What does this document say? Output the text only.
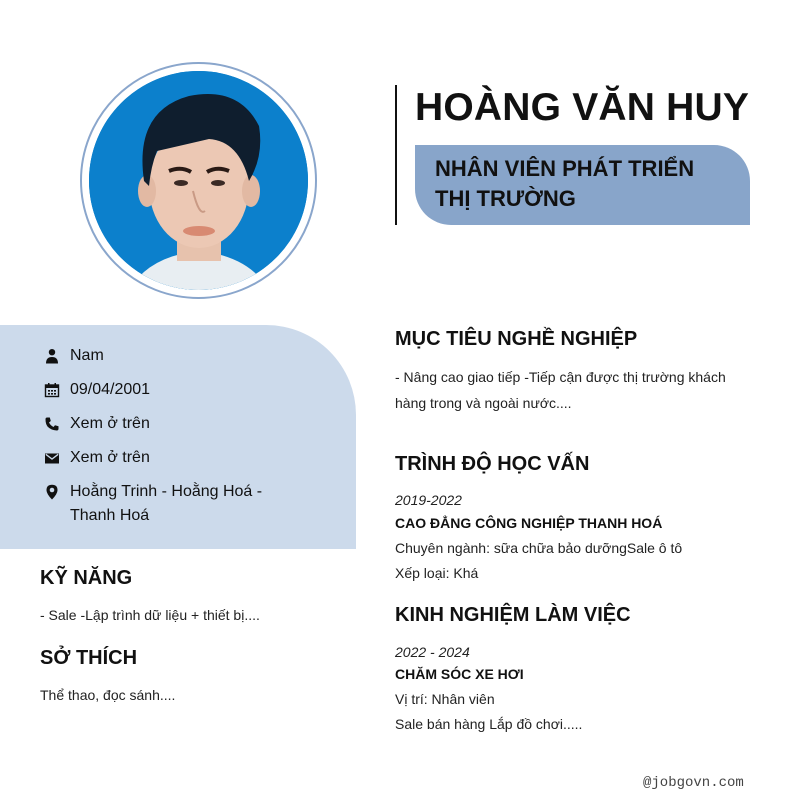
HOÀNG VĂN HUY
NHÂN VIÊN PHÁT TRIỂN
THỊ TRƯỜNG
Nam
09/04/2001
Xem ở trên
Xem ở trên
Hoằng Trinh - Hoằng Hoá -
Thanh Hoá
KỸ NĂNG
- Sale -Lập trình dữ liệu + thiết bị....
SỞ THÍCH
Thể thao, đọc sánh....
MỤC TIÊU NGHỀ NGHIỆP
- Nâng cao giao tiếp -Tiếp cận được thị trường khách
hàng trong và ngoài nước....
TRÌNH ĐỘ HỌC VẤN
2019-2022
CAO ĐẲNG CÔNG NGHIỆP THANH HOÁ
Chuyên ngành: sữa chữa bảo dưỡngSale ô tô
Xếp loại: Khá
KINH NGHIỆM LÀM VIỆC
2022 - 2024
CHĂM SÓC XE HƠI
Vị trí: Nhân viên
Sale bán hàng Lắp đồ chơi.....
@jobgovn.com
